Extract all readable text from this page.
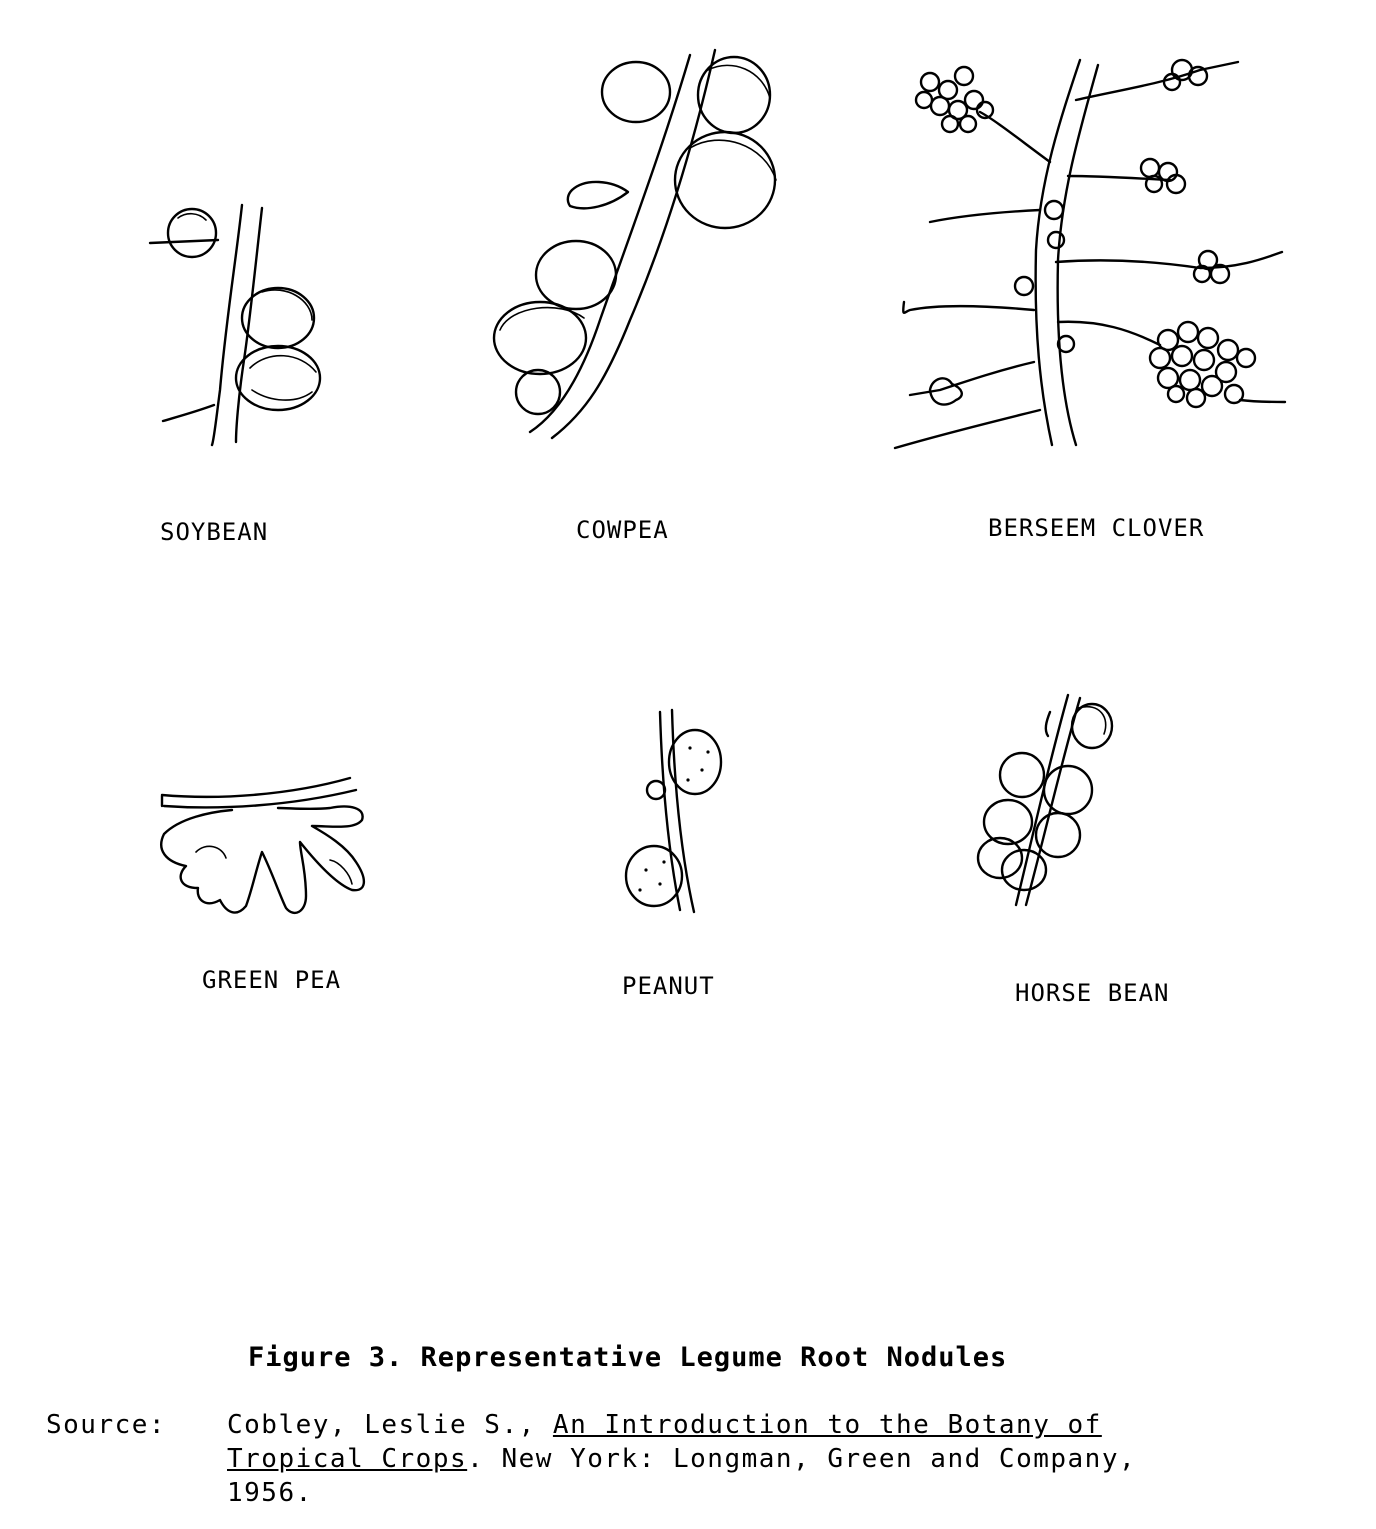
SOYBEAN	COWPEA	BERSEEM CLOVER
GREEN PEA	PEANUT	HORSE BEAN
Figure 3. Representative Legume Root Nodules
Source: Cobley, Leslie S., An Introduction to the Botany of Tropical Crops. New York: Longman, Green and Company, 1956.
